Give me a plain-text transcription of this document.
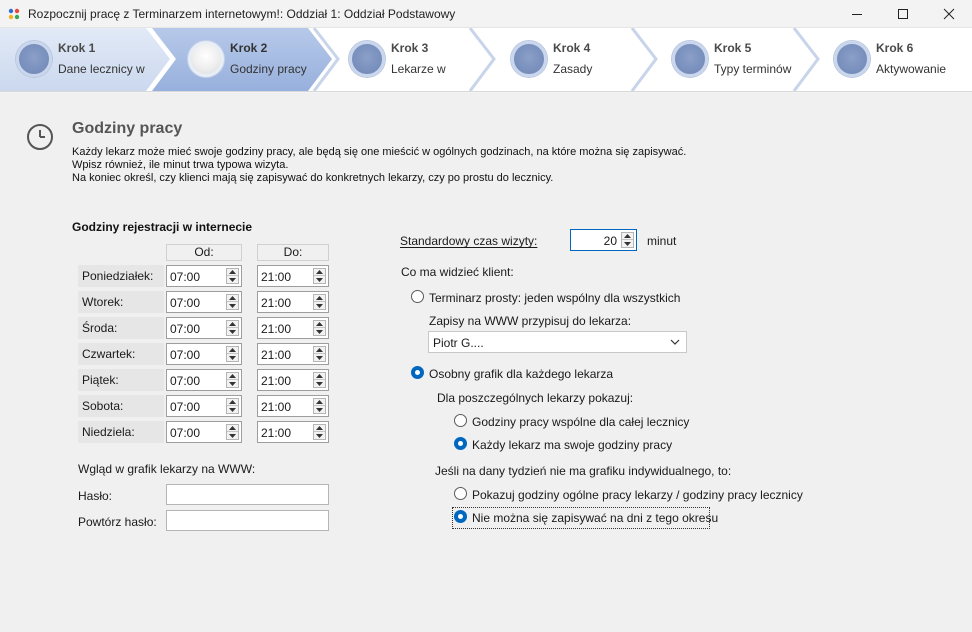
Rozpocznij pracę z Terminarzem internetowym!: Oddział 1: Oddział Podstawowy
Krok 1
Dane lecznicy w
Krok 2
Godziny pracy
Krok 3
Lekarze w
Krok 4
Zasady
Krok 5
Typy terminów
Krok 6
Aktywowanie
Godziny pracy
Każdy lekarz może mieć swoje godziny pracy, ale będą się one mieścić w ogólnych godzinach, na które można się zapisywać.
Wpisz również, ile minut trwa typowa wizyta.
Na koniec określ, czy klienci mają się zapisywać do konkretnych lekarzy, czy po prostu do lecznicy.
Godziny rejestracji w internecie
Od:	Do:
Poniedziałek: 07:00	21:00
Wtorek:	07:00	21:00
Środa:	07:00	21:00
Czwartek:	07:00	21:00
Piątek:	07:00	21:00
Sobota:	07:00	21:00
Niedziela:	07:00	21:00
Wgląd w grafik lekarzy na WWW:
Hasło:
Powtórz hasło:
Standardowy czas wizyty:	20	minut
Co ma widzieć klient:
Terminarz prosty: jeden wspólny dla wszystkich
Zapisy na WWW przypisuj do lekarza:
Piotr G....
Osobny grafik dla każdego lekarza
Dla poszczególnych lekarzy pokazuj:
Godziny pracy wspólne dla całej lecznicy
Każdy lekarz ma swoje godziny pracy
Jeśli na dany tydzień nie ma grafiku indywidualnego, to:
Pokazuj godziny ogólne pracy lekarzy / godziny pracy lecznicy
Nie można się zapisywać na dni z tego okresu
